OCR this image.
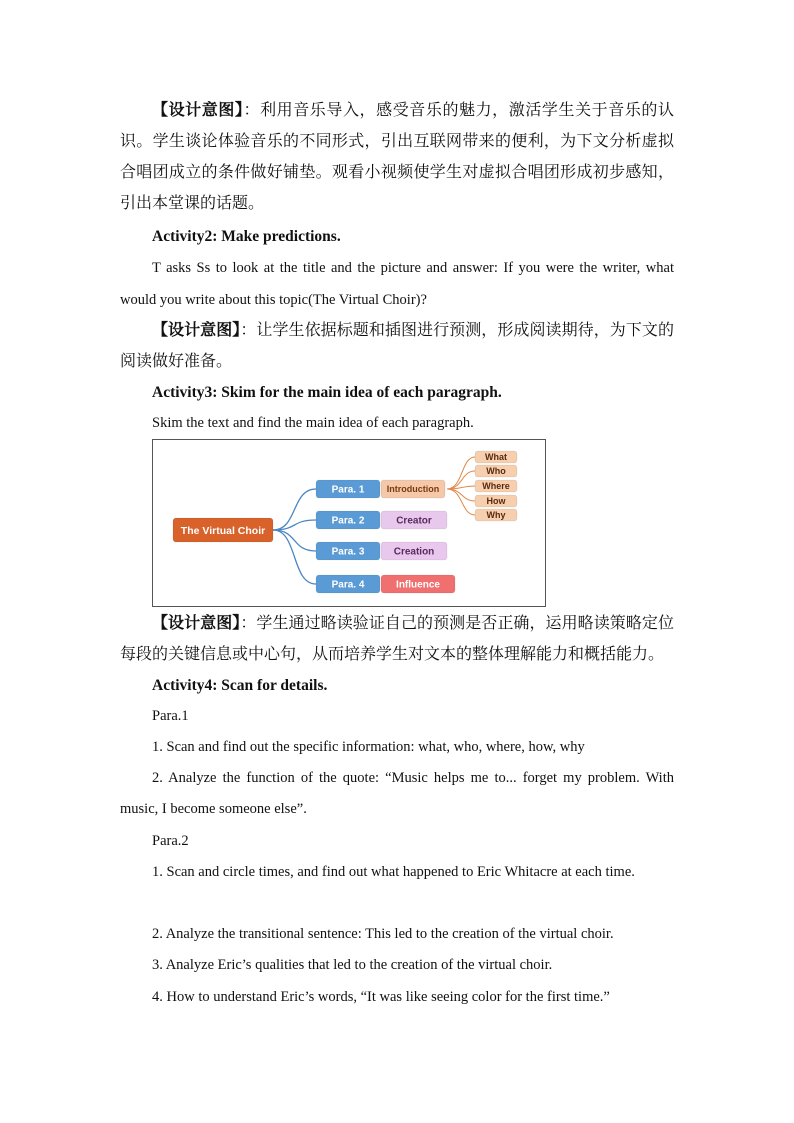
【设计意图】：利用音乐导入，感受音乐的魅力，激活学生关于音乐的认识。学生谈论体验音乐的不同形式，引出互联网带来的便利，为下文分析虚拟合唱团成立的条件做好铺垫。观看小视频使学生对虚拟合唱团形成初步感知，引出本堂课的话题。

Activity2: Make predictions.

T asks Ss to look at the title and the picture and answer: If you were the writer, what would you write about this topic(The Virtual Choir)?

【设计意图】：让学生依据标题和插图进行预测，形成阅读期待，为下文的阅读做好准备。

Activity3: Skim for the main idea of each paragraph.

Skim the text and find the main idea of each paragraph.

The Virtual Choir
Para. 1 Introduction
Para. 2	Creator
Para. 3	Creation
Para. 4	Influence
What
Who
Where
How
Why

【设计意图】：学生通过略读验证自己的预测是否正确，运用略读策略定位每段的关键信息或中心句，从而培养学生对文本的整体理解能力和概括能力。

Activity4: Scan for details.

Para.1

1. Scan and find out the specific information: what, who, where, how, why

2. Analyze the function of the quote: “Music helps me to... forget my problem. With music, I become someone else”.

Para.2

1. Scan and circle times, and find out what happened to Eric Whitacre at each time.

2. Analyze the transitional sentence: This led to the creation of the virtual choir.

3. Analyze Eric’s qualities that led to the creation of the virtual choir.

4. How to understand Eric’s words, “It was like seeing color for the first time.”
